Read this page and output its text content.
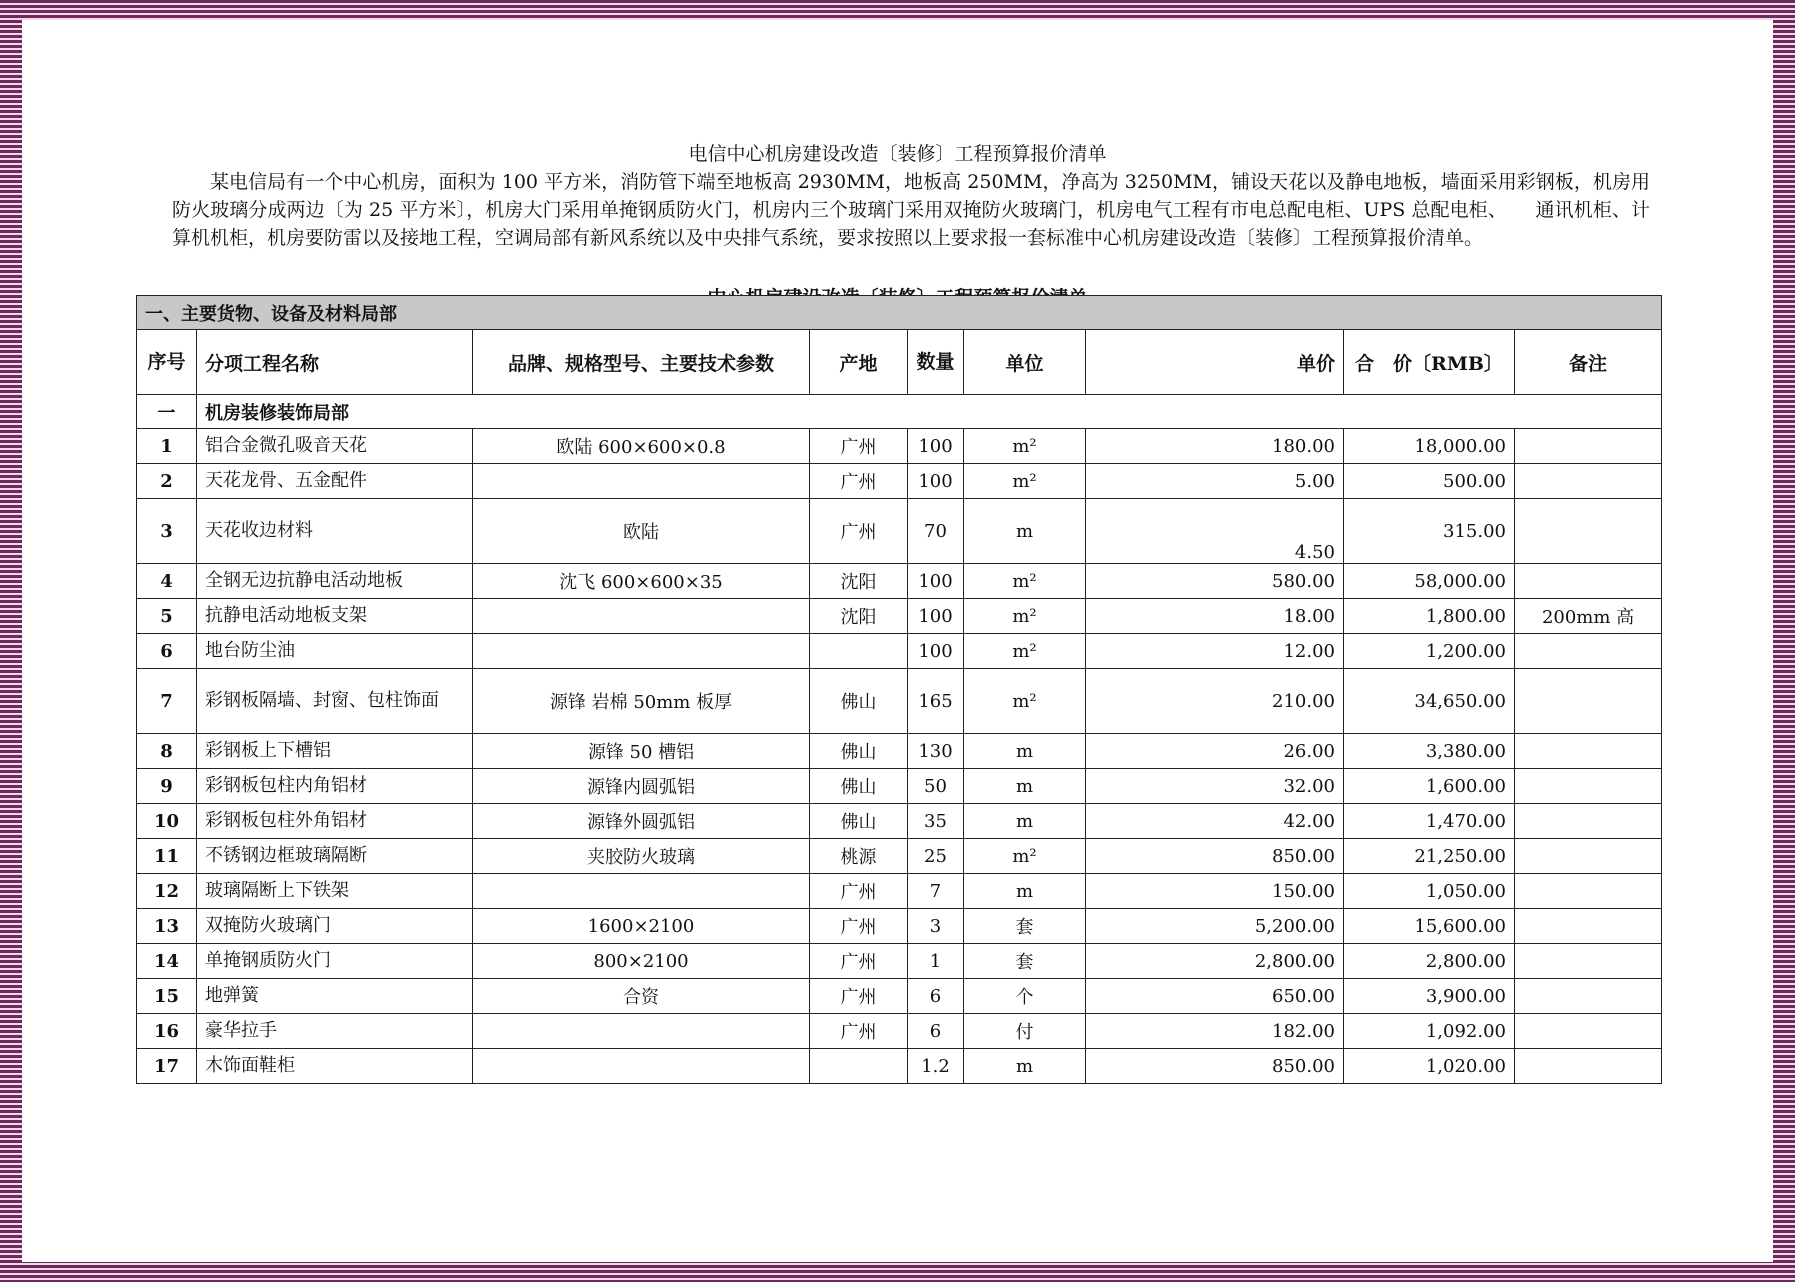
电信中心机房建设改造〔装修〕工程预算报价清单
某电信局有一个中心机房，面积为 100 平方米，消防管下端至地板高 2930MM，地板高 250MM，净高为 3250MM，铺设天花以及静电地板，墙面采用彩钢板，机房用防火玻璃分成两边〔为 25 平方米〕，机房大门采用单掩钢质防火门，机房内三个玻璃门采用双掩防火玻璃门，机房电气工程有市电总配电柜、UPS 总配电柜、　　通讯机柜、计算机机柜，机房要防雷以及接地工程，空调局部有新风系统以及中央排气系统，要求按照以上要求报一套标准中心机房建设改造〔装修〕工程预算报价清单。
一、主要货物、设备及材料局部								
序号	分项工程名称	品牌、规格型号、主要技术参数	产地	数量	单位	单价	合　价〔RMB〕	备注
一	机房装修装饰局部							
1	铝合金微孔吸音天花	欧陆 600×600×0.8	广州	100	m²	180.00	18,000.00	
2	天花龙骨、五金配件		广州	100	m²	5.00	500.00	
3	天花收边材料	欧陆	广州	70	m	4.50	315.00	
4	全钢无边抗静电活动地板	沈飞 600×600×35	沈阳	100	m²	580.00	58,000.00	
5	抗静电活动地板支架		沈阳	100	m²	18.00	1,800.00	200mm 高
6	地台防尘油			100	m²	12.00	1,200.00	
7	彩钢板隔墙、封窗、包柱饰面	源锋 岩棉 50mm 板厚	佛山	165	m²	210.00	34,650.00	
8	彩钢板上下槽铝	源锋 50 槽铝	佛山	130	m	26.00	3,380.00	
9	彩钢板包柱内角铝材	源锋内圆弧铝	佛山	50	m	32.00	1,600.00	
10	彩钢板包柱外角铝材	源锋外圆弧铝	佛山	35	m	42.00	1,470.00	
11	不锈钢边框玻璃隔断	夹胶防火玻璃	桃源	25	m²	850.00	21,250.00	
12	玻璃隔断上下铁架		广州	7	m	150.00	1,050.00	
13	双掩防火玻璃门	1600×2100	广州	3	套	5,200.00	15,600.00	
14	单掩钢质防火门	800×2100	广州	1	套	2,800.00	2,800.00	
15	地弹簧	合资	广州	6	个	650.00	3,900.00	
16	豪华拉手		广州	6	付	182.00	1,092.00	
17	木饰面鞋柜			1.2	m	850.00	1,020.00	
